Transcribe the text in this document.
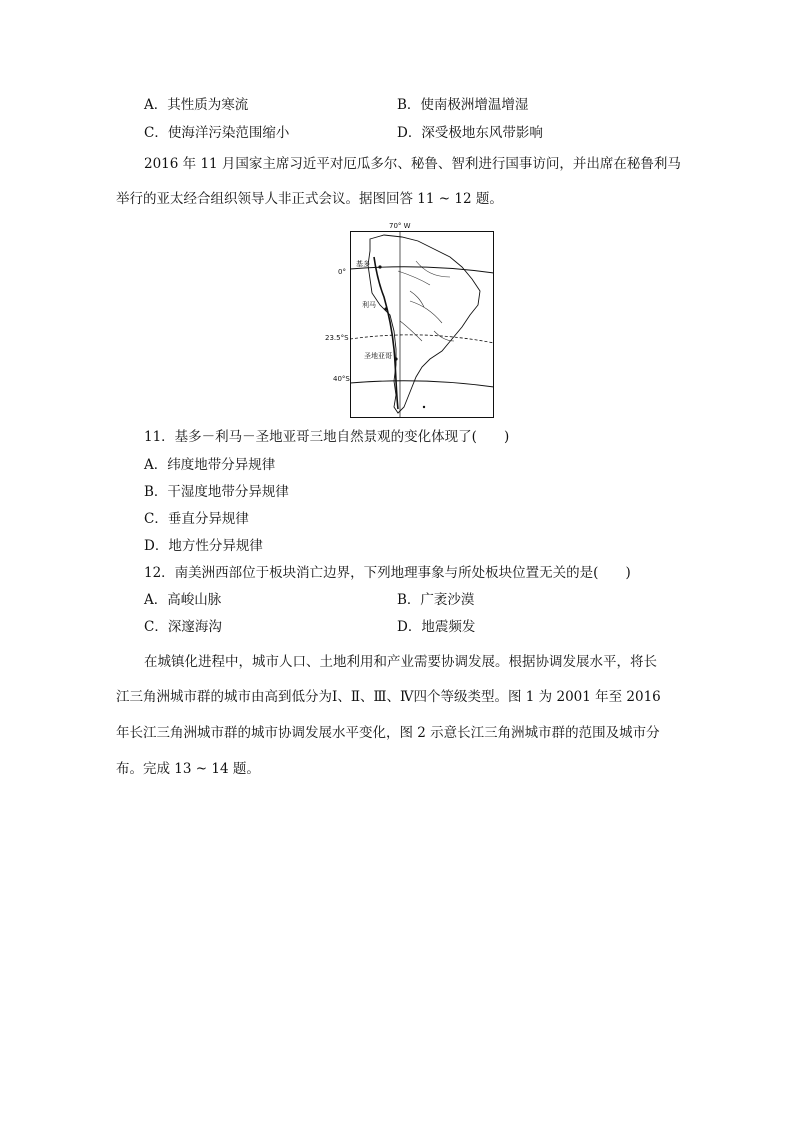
A．其性质为寒流	B．使南极洲增温增湿
C．使海洋污染范围缩小	D．深受极地东风带影响
2016 年 11 月国家主席习近平对厄瓜多尔、秘鲁、智利进行国事访问，并出席在秘鲁利马
举行的亚太经合组织领导人非正式会议。据图回答 11 ~ 12 题。
70° W
0°
23.5°S
40°S
基多
利马
圣地亚哥
11．基多－利马－圣地亚哥三地自然景观的变化体现了(　　)
A．纬度地带分异规律
B．干湿度地带分异规律
C．垂直分异规律
D．地方性分异规律
12．南美洲西部位于板块消亡边界，下列地理事象与所处板块位置无关的是(　　)
A．高峻山脉	B．广袤沙漠
C．深邃海沟	D．地震频发
在城镇化进程中，城市人口、土地利用和产业需要协调发展。根据协调发展水平，将长
江三角洲城市群的城市由高到低分为Ⅰ、Ⅱ、Ⅲ、Ⅳ四个等级类型。图 1 为 2001 年至 2016
年长江三角洲城市群的城市协调发展水平变化，图 2 示意长江三角洲城市群的范围及城市分
布。完成 13 ~ 14 题。
